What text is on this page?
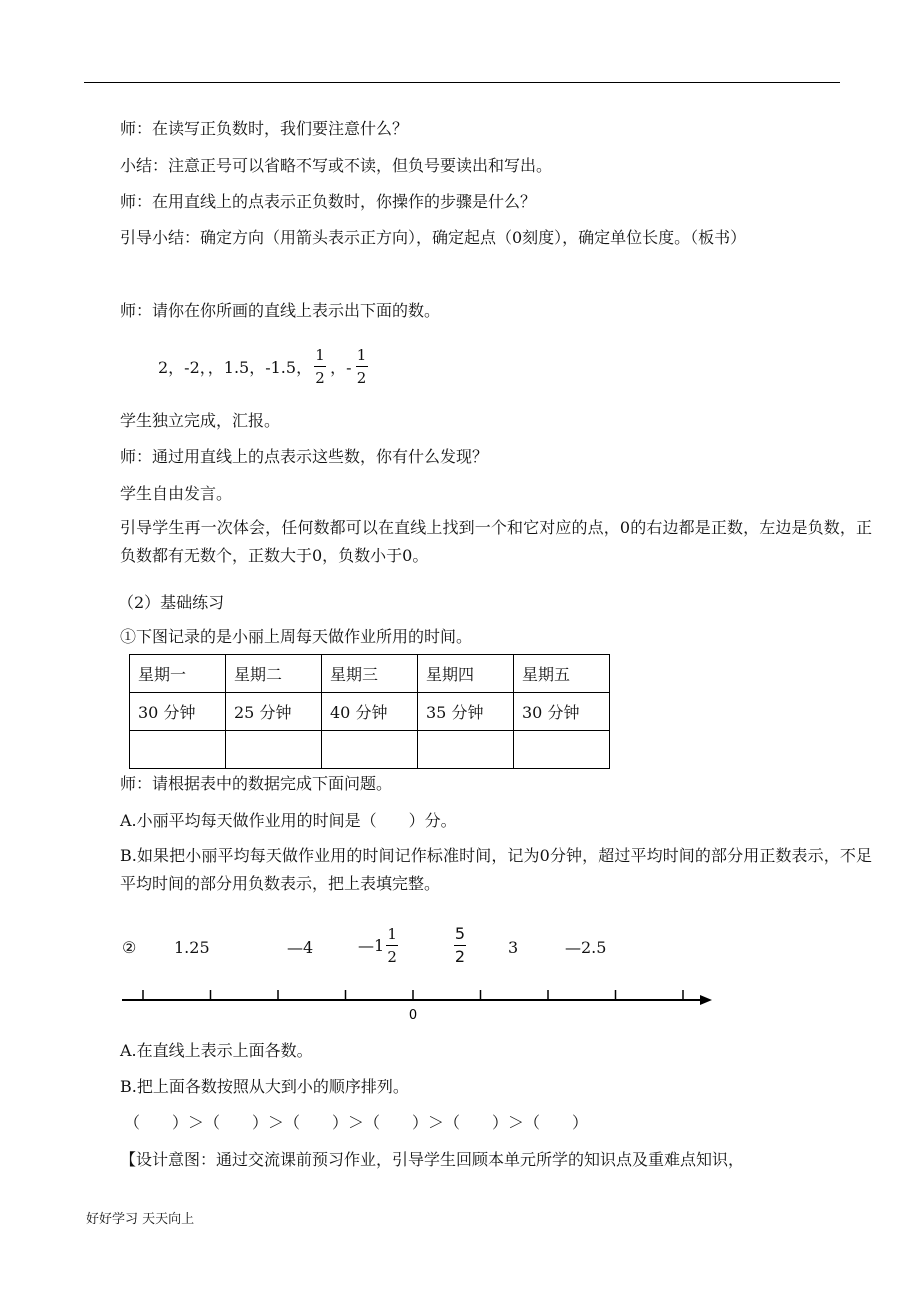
师：在读写正负数时，我们要注意什么？
小结：注意正号可以省略不写或不读，但负号要读出和写出。
师：在用直线上的点表示正负数时，你操作的步骤是什么？
引导小结：确定方向（用箭头表示正方向），确定起点（0刻度），确定单位长度。（板书）
师：请你在你所画的直线上表示出下面的数。
2，-2，，1.5，-1.5， $\frac{1}{2}$ ，- $\frac{1}{2}$
学生独立完成，汇报。
师：通过用直线上的点表示这些数，你有什么发现？
学生自由发言。
引导学生再一次体会，任何数都可以在直线上找到一个和它对应的点，0的右边都是正数，左边是负数，正负数都有无数个，正数大于0，负数小于0。
（2）基础练习
①下图记录的是小丽上周每天做作业所用的时间。
星期一	星期二	星期三	星期四	星期五
30 分钟	25 分钟	40 分钟	35 分钟	30 分钟

师：请根据表中的数据完成下面问题。
A.小丽平均每天做作业用的时间是（　　）分。
B.如果把小丽平均每天做作业用的时间记作标准时间，记为0分钟，超过平均时间的部分用正数表示，不足平均时间的部分用负数表示，把上表填完整。
② 1.25	—4	—1 $\frac{1}{2}$	5
2	3	—2.5
0
A.在直线上表示上面各数。
B.把上面各数按照从大到小的顺序排列。
（　　）＞（　　）＞（　　）＞（　　）＞（　　）＞（　　）
【设计意图：通过交流课前预习作业，引导学生回顾本单元所学的知识点及重难点知识，
好好学习 天天向上
